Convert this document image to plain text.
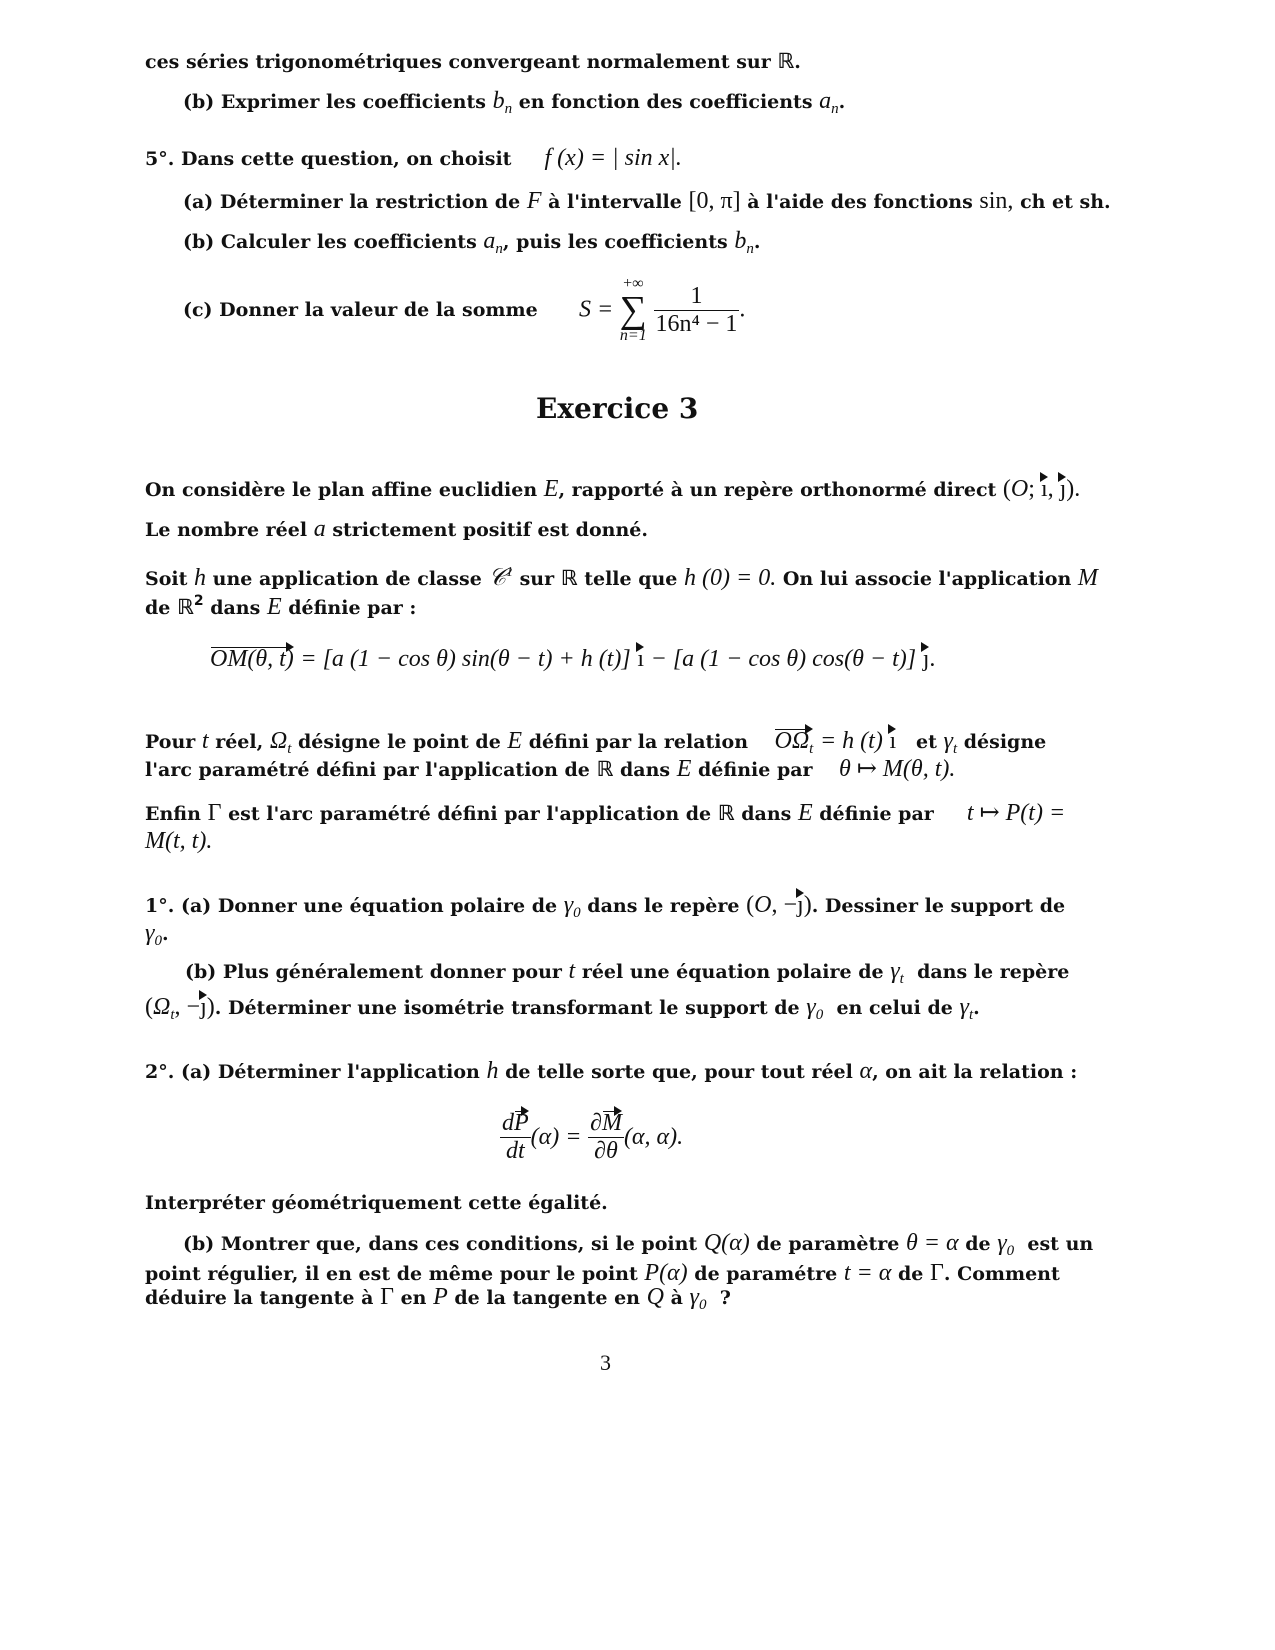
ces séries trigonométriques convergeant normalement sur ℝ.
(b) Exprimer les coefficients $b_n$ en fonction des coefficients $a_n$.
5°. Dans cette question, on choisit f (x) = | sin x|.
(a) Déterminer la restriction de F à l'intervalle [0, π] à l'aide des fonctions sin, ch et sh.
(b) Calculer les coefficients $a_n$, puis les coefficients $b_n$.
(c) Donner la valeur de la somme S =
+∞
∑
n=1
$\frac{1}{\text{16n⁴ − 1}}$ .
Exercice 3
On considère le plan affine euclidien E, rapporté à un repère orthonormé direct (O; ı, ȷ).
Le nombre réel a strictement positif est donné.
Soit h une application de classe 𝒞$^1$ sur ℝ telle que h (0) = 0. On lui associe l'application M
de ℝ$^2$ dans E définie par :
OM(θ, t) = [a (1 − cos θ) sin(θ − t) + h (t)] ı − [a (1 − cos θ) cos(θ − t)] ȷ.
Pour t réel, $\Omega_t$ désigne le point de E défini par la relation $O\Omega_t = h$ (t) ı et $\gamma_t$ désigne
l'arc paramétré défini par l'application de ℝ dans E définie par θ ↦ M(θ, t).
Enfin Γ est l'arc paramétré défini par l'application de ℝ dans E définie par t ↦ P(t) =
M(t, t).
1°. (a) Donner une équation polaire de $\gamma_0$ dans le repère (O, −ȷ). Dessiner le support de
$\gamma_0$.
(b) Plus généralement donner pour t réel une équation polaire de $\gamma_t$ dans le repère
($\Omega_t$, −ȷ). Déterminer une isométrie transformant le support de $\gamma_0$ en celui de $\gamma_t$.
2°. (a) Déterminer l'application h de telle sorte que, pour tout réel α, on ait la relation :
$\frac{dP}{dt} (\alpha) = \frac{\partial M}{\partial\theta} (\alpha$, α).
Interpréter géométriquement cette égalité.
(b) Montrer que, dans ces conditions, si le point Q(α) de paramètre θ = α de $\gamma_0$ est un
point régulier, il en est de même pour le point P(α) de paramétre t = α de Γ. Comment
déduire la tangente à Γ en P de la tangente en Q à $\gamma_0$ ?
3
